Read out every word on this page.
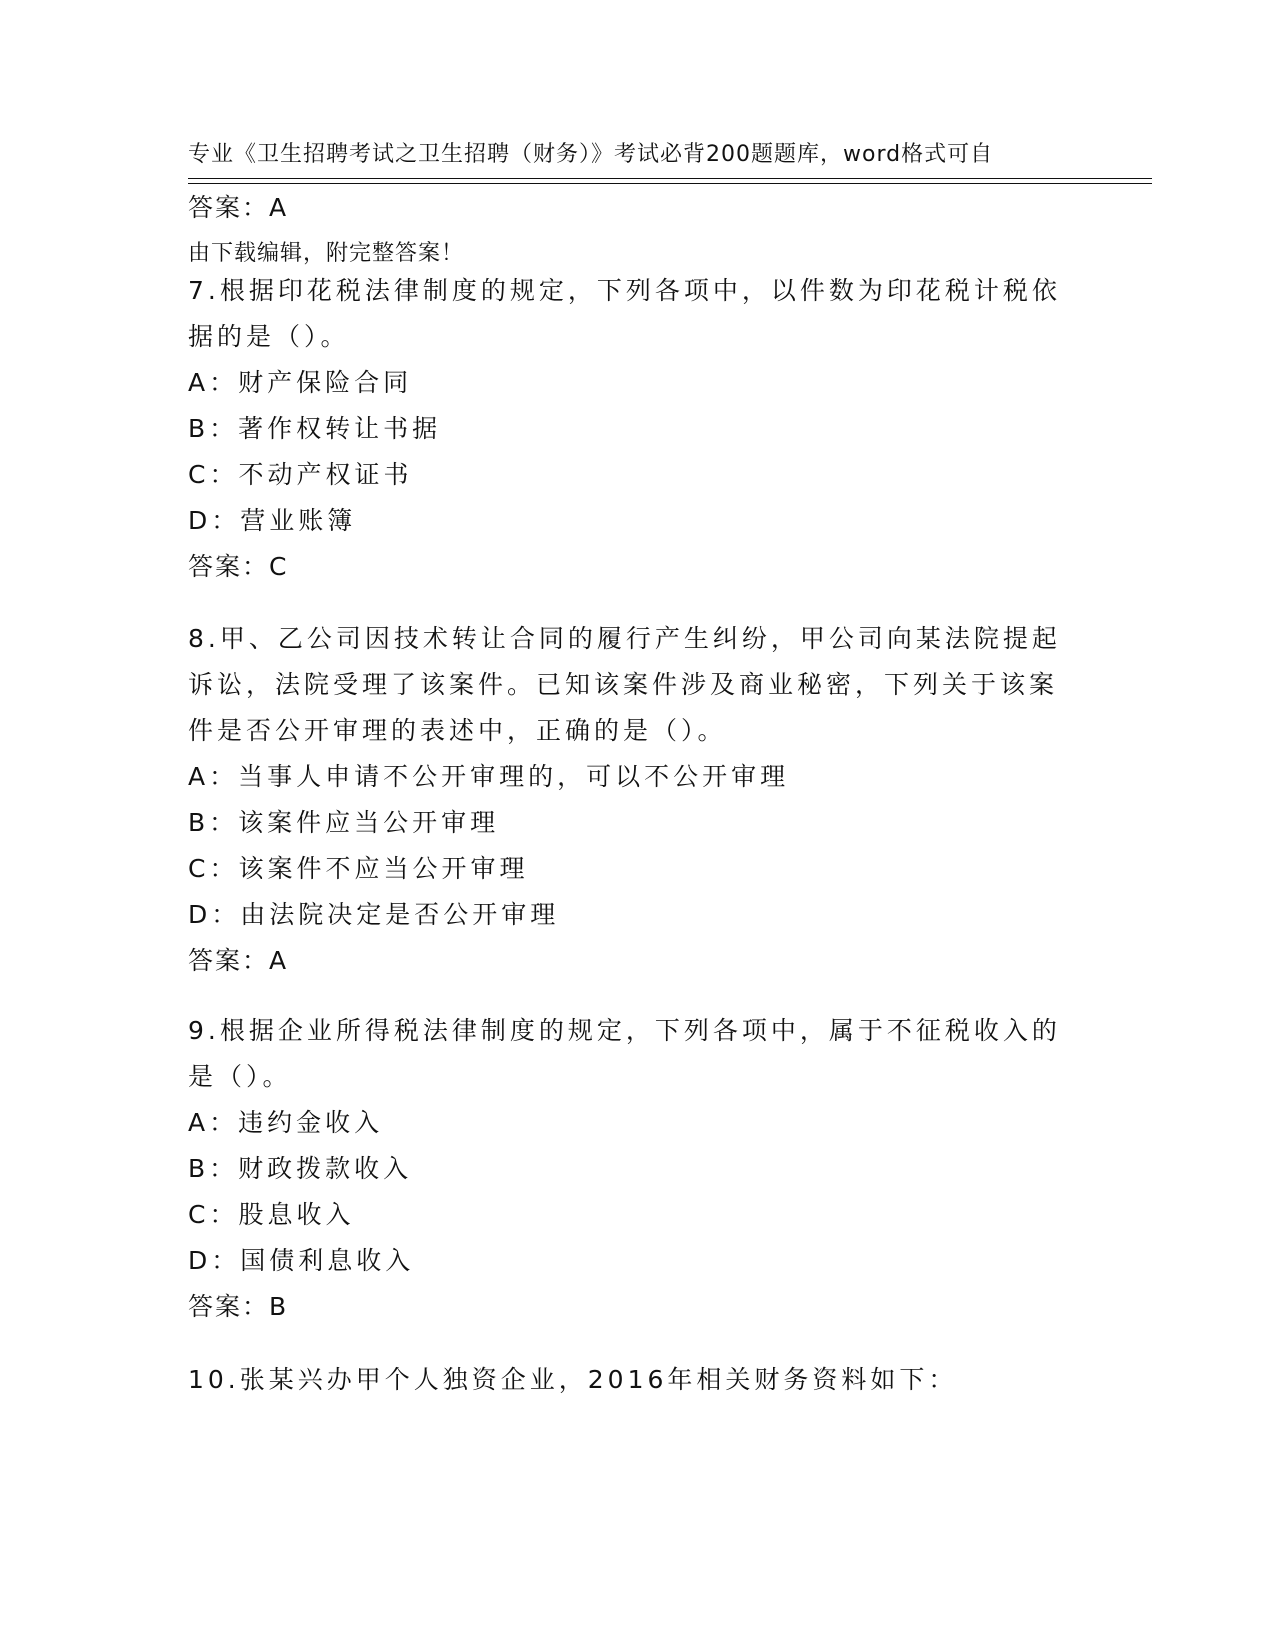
专业《卫生招聘考试之卫生招聘（财务）》考试必背200题题库，word格式可自

由下载编辑，附完整答案！

答案：A
7.根据印花税法律制度的规定，下列各项中，以件数为印花税计税依
据的是（）。
A：财产保险合同
B：著作权转让书据
C：不动产权证书
D：营业账簿
答案：C
8.甲、乙公司因技术转让合同的履行产生纠纷，甲公司向某法院提起
诉讼，法院受理了该案件。已知该案件涉及商业秘密，下列关于该案
件是否公开审理的表述中，正确的是（）。
A：当事人申请不公开审理的，可以不公开审理
B：该案件应当公开审理
C：该案件不应当公开审理
D：由法院决定是否公开审理
答案：A
9.根据企业所得税法律制度的规定，下列各项中，属于不征税收入的
是（）。
A：违约金收入
B：财政拨款收入
C：股息收入
D：国债利息收入
答案：B
10.张某兴办甲个人独资企业，2016年相关财务资料如下：
